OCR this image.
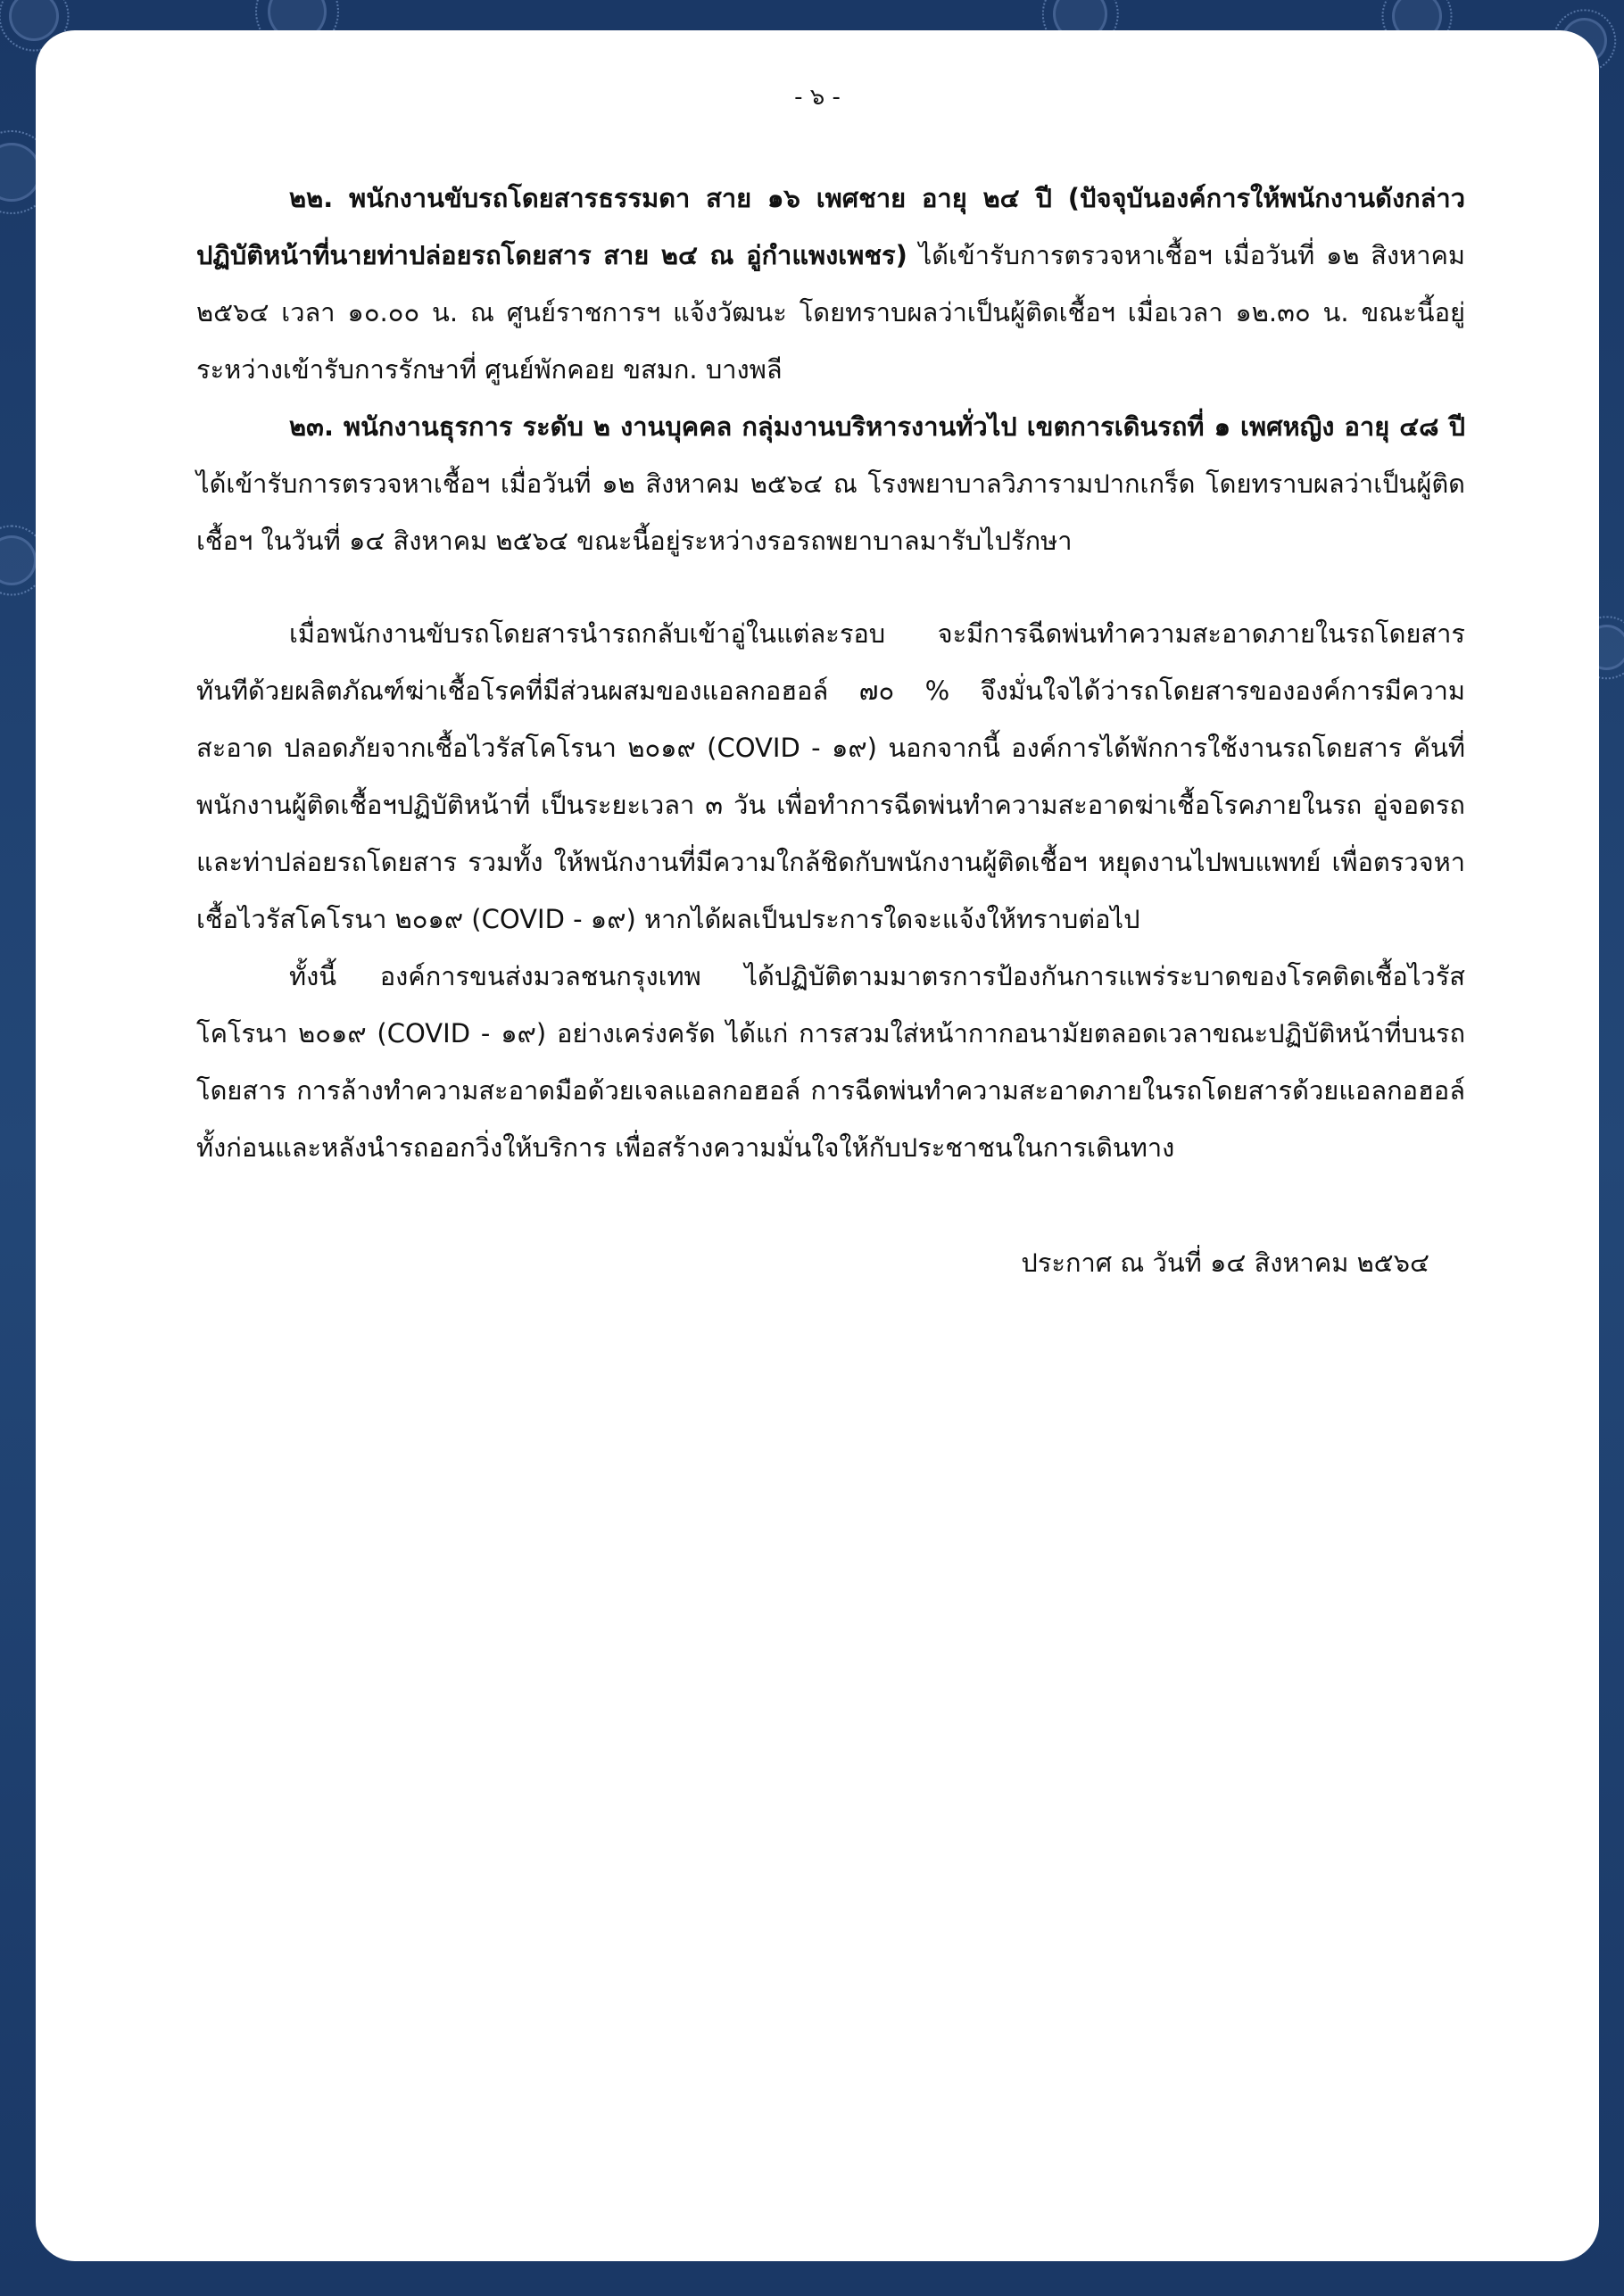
- ๖ -

๒๒. พนักงานขับรถโดยสารธรรมดา สาย ๑๖ เพศชาย อายุ ๒๔ ปี (ปัจจุบันองค์การให้พนักงานดังกล่าว ปฏิบัติหน้าที่นายท่าปล่อยรถโดยสาร สาย ๒๔ ณ อู่กำแพงเพชร) ได้เข้ารับการตรวจหาเชื้อฯ เมื่อวันที่ ๑๒ สิงหาคม ๒๕๖๔ เวลา ๑๐.๐๐ น. ณ ศูนย์ราชการฯ แจ้งวัฒนะ โดยทราบผลว่าเป็นผู้ติดเชื้อฯ เมื่อเวลา ๑๒.๓๐ น. ขณะนี้อยู่ระหว่างเข้ารับการรักษาที่ ศูนย์พักคอย ขสมก. บางพลี

๒๓. พนักงานธุรการ ระดับ ๒ งานบุคคล กลุ่มงานบริหารงานทั่วไป เขตการเดินรถที่ ๑ เพศหญิง อายุ ๔๘ ปี ได้เข้ารับการตรวจหาเชื้อฯ เมื่อวันที่ ๑๒ สิงหาคม ๒๕๖๔ ณ โรงพยาบาลวิภารามปากเกร็ด โดยทราบผลว่าเป็นผู้ติดเชื้อฯ ในวันที่ ๑๔ สิงหาคม ๒๕๖๔ ขณะนี้อยู่ระหว่างรอรถพยาบาลมารับไปรักษา

เมื่อพนักงานขับรถโดยสารนำรถกลับเข้าอู่ในแต่ละรอบ จะมีการฉีดพ่นทำความสะอาดภายในรถโดยสารทันทีด้วยผลิตภัณฑ์ฆ่าเชื้อโรคที่มีส่วนผสมของแอลกอฮอล์ ๗๐ % จึงมั่นใจได้ว่ารถโดยสารขององค์การมีความสะอาด ปลอดภัยจากเชื้อไวรัสโคโรนา ๒๐๑๙ (COVID - ๑๙) นอกจากนี้ องค์การได้พักการใช้งานรถโดยสาร คันที่พนักงานผู้ติดเชื้อฯปฏิบัติหน้าที่ เป็นระยะเวลา ๓ วัน เพื่อทำการฉีดพ่นทำความสะอาดฆ่าเชื้อโรคภายในรถ อู่จอดรถ และท่าปล่อยรถโดยสาร รวมทั้ง ให้พนักงานที่มีความใกล้ชิดกับพนักงานผู้ติดเชื้อฯ หยุดงานไปพบแพทย์ เพื่อตรวจหาเชื้อไวรัสโคโรนา ๒๐๑๙ (COVID - ๑๙) หากได้ผลเป็นประการใดจะแจ้งให้ทราบต่อไป

ทั้งนี้ องค์การขนส่งมวลชนกรุงเทพ ได้ปฏิบัติตามมาตรการป้องกันการแพร่ระบาดของโรคติดเชื้อไวรัสโคโรนา ๒๐๑๙ (COVID - ๑๙) อย่างเคร่งครัด ได้แก่ การสวมใส่หน้ากากอนามัยตลอดเวลาขณะปฏิบัติหน้าที่บนรถโดยสาร การล้างทำความสะอาดมือด้วยเจลแอลกอฮอล์ การฉีดพ่นทำความสะอาดภายในรถโดยสารด้วยแอลกอฮอล์ ทั้งก่อนและหลังนำรถออกวิ่งให้บริการ เพื่อสร้างความมั่นใจให้กับประชาชนในการเดินทาง

ประกาศ ณ วันที่ ๑๔ สิงหาคม ๒๕๖๔
